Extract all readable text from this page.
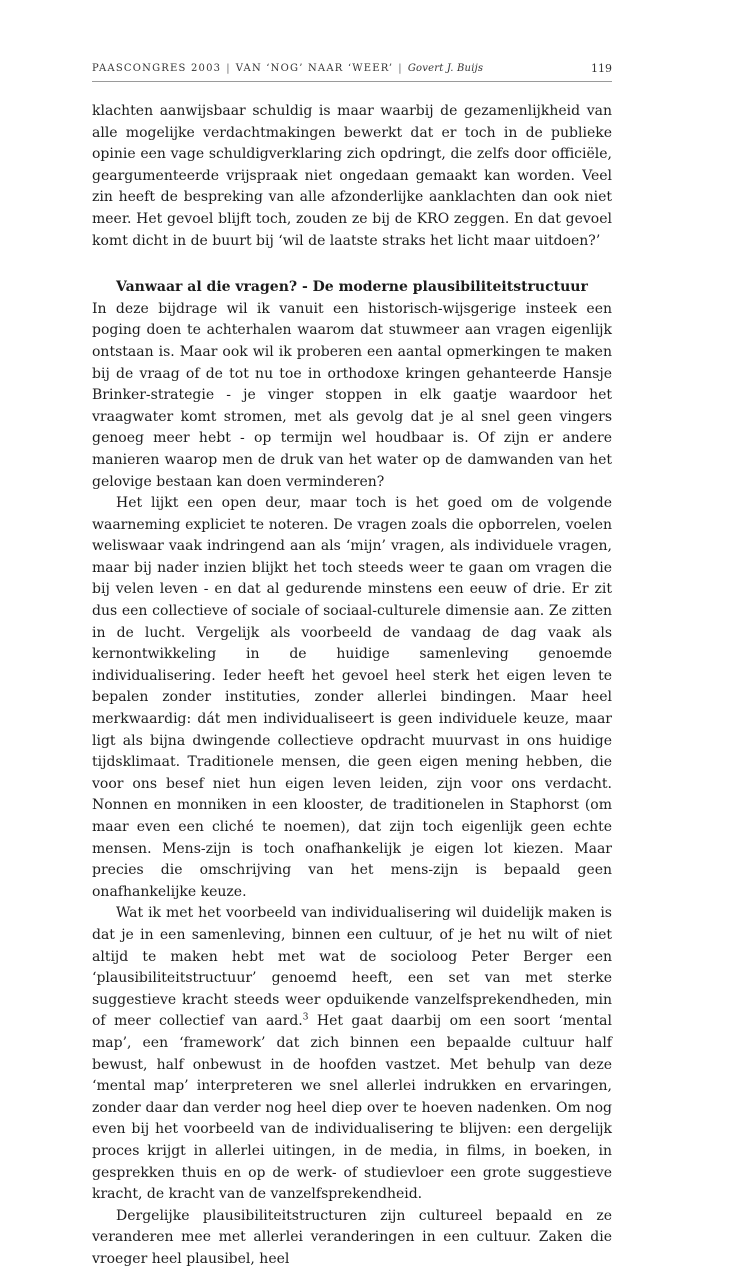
PAASCONGRES 2003 | VAN ‘NOG’ NAAR ‘WEER’ | Govert J. Buijs	119

klachten aanwijsbaar schuldig is maar waarbij de gezamenlijkheid van alle mogelijke verdachtmakingen bewerkt dat er toch in de publieke opinie een vage schuldigverklaring zich opdringt, die zelfs door officiële, geargumenteerde vrijspraak niet ongedaan gemaakt kan worden. Veel zin heeft de bespreking van alle afzonderlijke aanklachten dan ook niet meer. Het gevoel blijft toch, zouden ze bij de KRO zeggen. En dat gevoel komt dicht in de buurt bij ‘wil de laatste straks het licht maar uitdoen?’

Vanwaar al die vragen? - De moderne plausibiliteitstructuur

In deze bijdrage wil ik vanuit een historisch-wijsgerige insteek een poging doen te achterhalen waarom dat stuwmeer aan vragen eigenlijk ontstaan is. Maar ook wil ik proberen een aantal opmerkingen te maken bij de vraag of de tot nu toe in orthodoxe kringen gehanteerde Hansje Brinker-strategie - je vinger stoppen in elk gaatje waardoor het vraagwater komt stromen, met als gevolg dat je al snel geen vingers genoeg meer hebt - op termijn wel houdbaar is. Of zijn er andere manieren waarop men de druk van het water op de damwanden van het gelovige bestaan kan doen verminderen?

Het lijkt een open deur, maar toch is het goed om de volgende waarneming expliciet te noteren. De vragen zoals die opborrelen, voelen weliswaar vaak indringend aan als ‘mijn’ vragen, als individuele vragen, maar bij nader inzien blijkt het toch steeds weer te gaan om vragen die bij velen leven - en dat al gedurende minstens een eeuw of drie. Er zit dus een collectieve of sociale of sociaal-culturele dimensie aan. Ze zitten in de lucht. Vergelijk als voorbeeld de vandaag de dag vaak als kernontwikkeling in de huidige samenleving genoemde individualisering. Ieder heeft het gevoel heel sterk het eigen leven te bepalen zonder instituties, zonder allerlei bindingen. Maar heel merkwaardig: dát men individualiseert is geen individuele keuze, maar ligt als bijna dwingende collectieve opdracht muurvast in ons huidige tijdsklimaat. Traditionele mensen, die geen eigen mening hebben, die voor ons besef niet hun eigen leven leiden, zijn voor ons verdacht. Nonnen en monniken in een klooster, de traditionelen in Staphorst (om maar even een cliché te noemen), dat zijn toch eigenlijk geen echte mensen. Mens-zijn is toch onafhankelijk je eigen lot kiezen. Maar precies die omschrijving van het mens-zijn is bepaald geen onafhankelijke keuze.

Wat ik met het voorbeeld van individualisering wil duidelijk maken is dat je in een samenleving, binnen een cultuur, of je het nu wilt of niet altijd te maken hebt met wat de socioloog Peter Berger een ‘plausibiliteitstructuur’ genoemd heeft, een set van met sterke suggestieve kracht steeds weer opduikende vanzelfsprekendheden, min of meer collectief van aard.$^3$ Het gaat daarbij om een soort ‘mental map’, een ‘framework’ dat zich binnen een bepaalde cultuur half bewust, half onbewust in de hoofden vastzet. Met behulp van deze ‘mental map’ interpreteren we snel allerlei indrukken en ervaringen, zonder daar dan verder nog heel diep over te hoeven nadenken. Om nog even bij het voorbeeld van de individualisering te blijven: een dergelijk proces krijgt in allerlei uitingen, in de media, in films, in boeken, in gesprekken thuis en op de werk- of studievloer een grote suggestieve kracht, de kracht van de vanzelfsprekendheid.

Dergelijke plausibiliteitstructuren zijn cultureel bepaald en ze veranderen mee met allerlei veranderingen in een cultuur. Zaken die vroeger heel plausibel, heel
